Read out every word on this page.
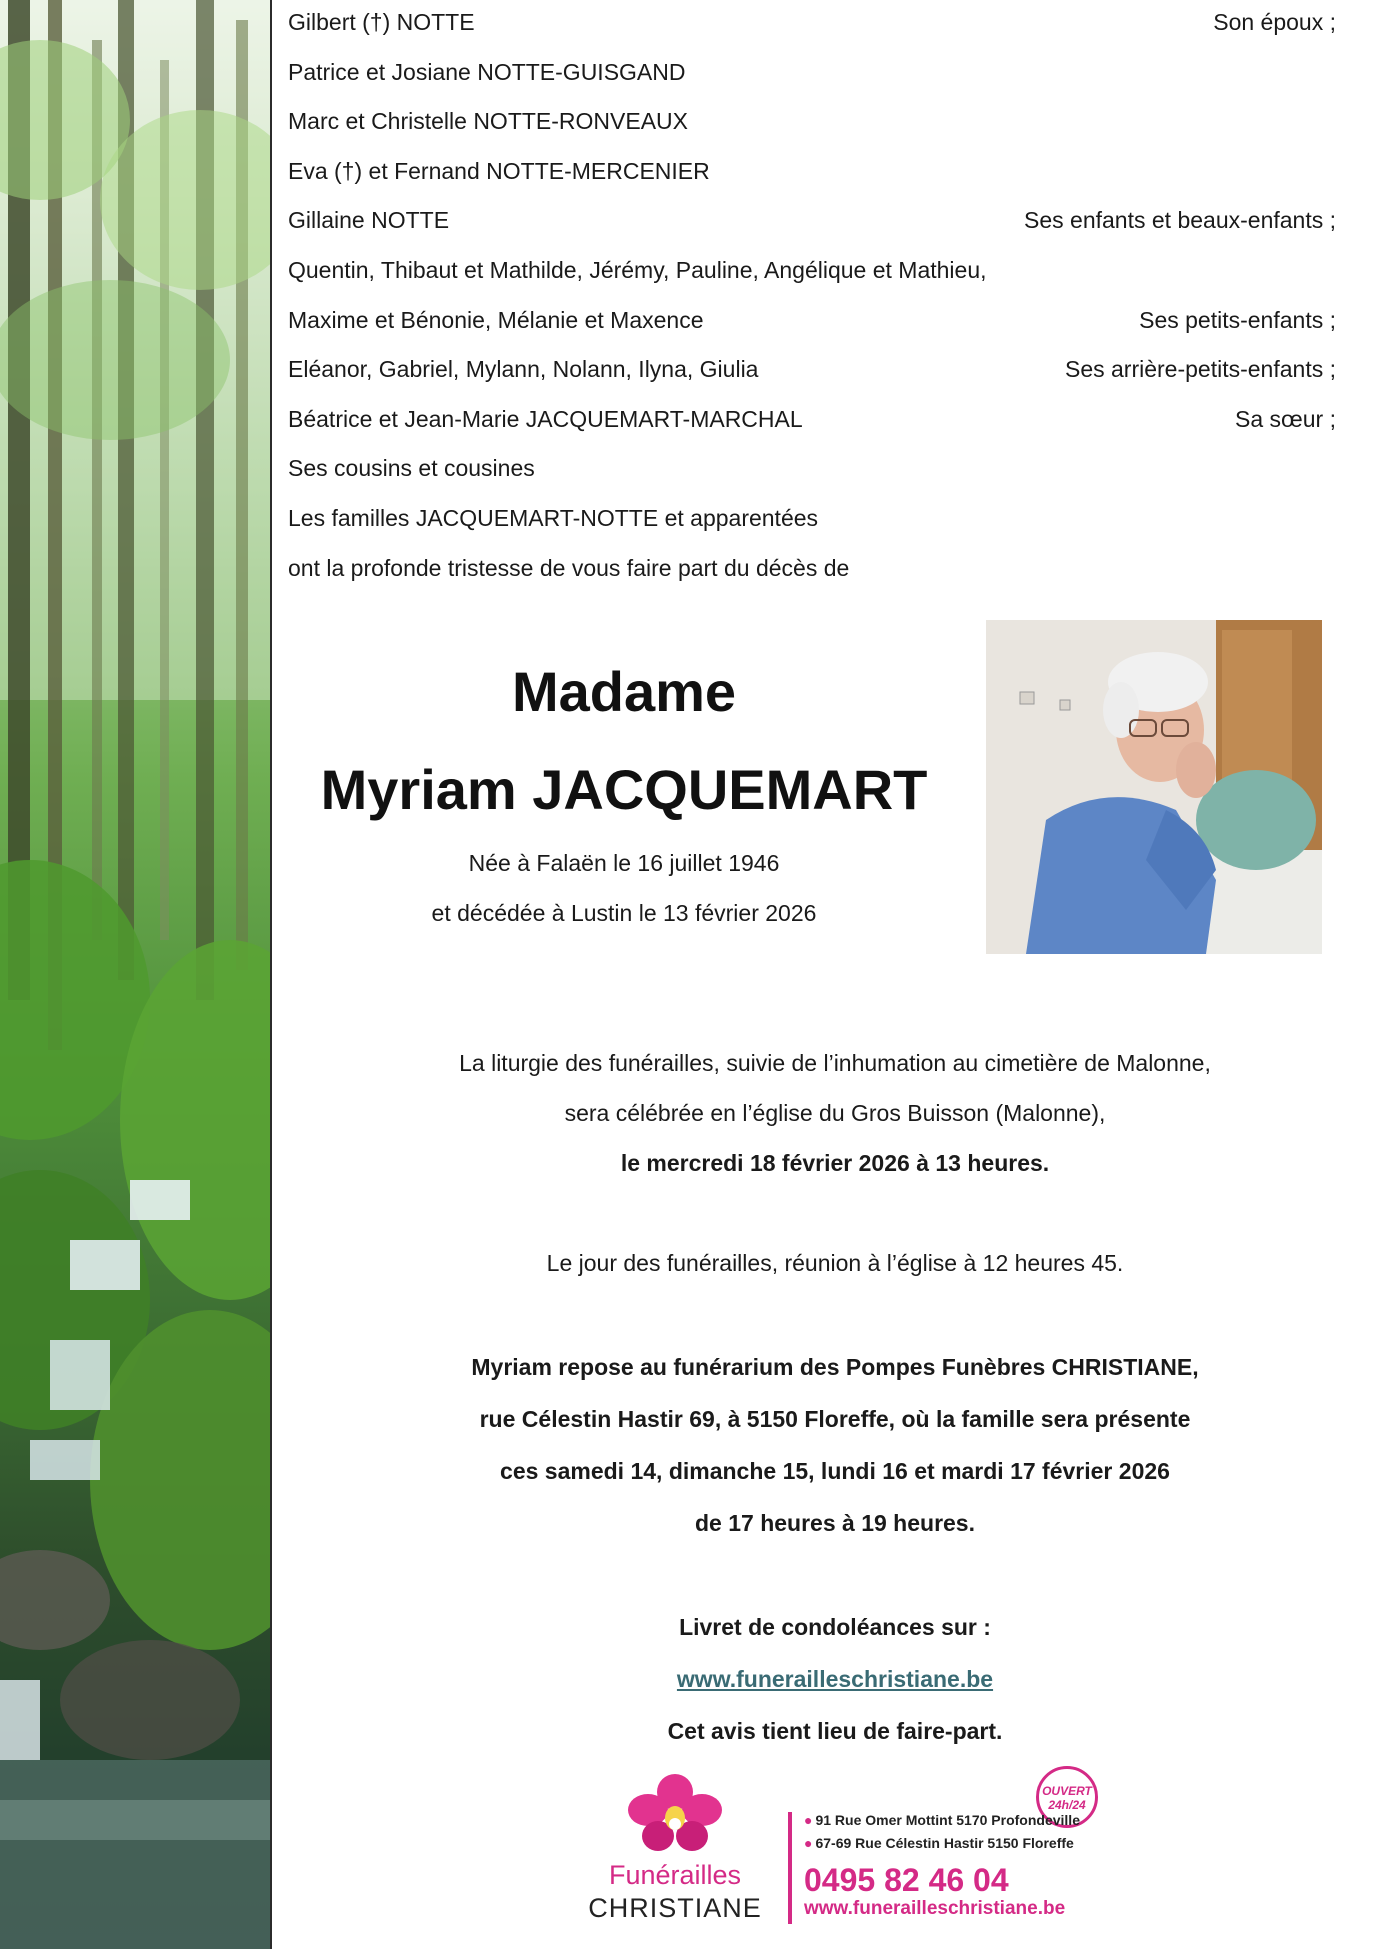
Gilbert (†) NOTTE	Son époux ;
Patrice et Josiane NOTTE-GUISGAND
Marc et Christelle NOTTE-RONVEAUX
Eva (†) et Fernand NOTTE-MERCENIER
Gillaine NOTTE	Ses enfants et beaux-enfants ;
Quentin, Thibaut et Mathilde, Jérémy, Pauline, Angélique et Mathieu,
Maxime et Bénonie, Mélanie et Maxence	Ses petits-enfants ;
Eléanor, Gabriel, Mylann, Nolann, Ilyna, Giulia	Ses arrière-petits-enfants ;
Béatrice et Jean-Marie JACQUEMART-MARCHAL	Sa sœur ;
Ses cousins et cousines
Les familles JACQUEMART-NOTTE et apparentées
ont la profonde tristesse de vous faire part du décès de
Madame
Myriam JACQUEMART
Née à Falaën le 16 juillet 1946
et décédée à Lustin le 13 février 2026
La liturgie des funérailles, suivie de l’inhumation au cimetière de Malonne,
sera célébrée en l’église du Gros Buisson (Malonne),
le mercredi 18 février 2026 à 13 heures.
Le jour des funérailles, réunion à l’église à 12 heures 45.
Myriam repose au funérarium des Pompes Funèbres CHRISTIANE,
rue Célestin Hastir 69, à 5150 Floreffe, où la famille sera présente
ces samedi 14, dimanche 15, lundi 16 et mardi 17 février 2026
de 17 heures à 19 heures.
Livret de condoléances sur :
www.funerailleschristiane.be
Cet avis tient lieu de faire-part.
Funérailles
CHRISTIANE
OUVERT
24h/24
● 91 Rue Omer Mottint 5170 Profondeville
● 67-69 Rue Célestin Hastir 5150 Floreffe
0495 82 46 04
www.funerailleschristiane.be
